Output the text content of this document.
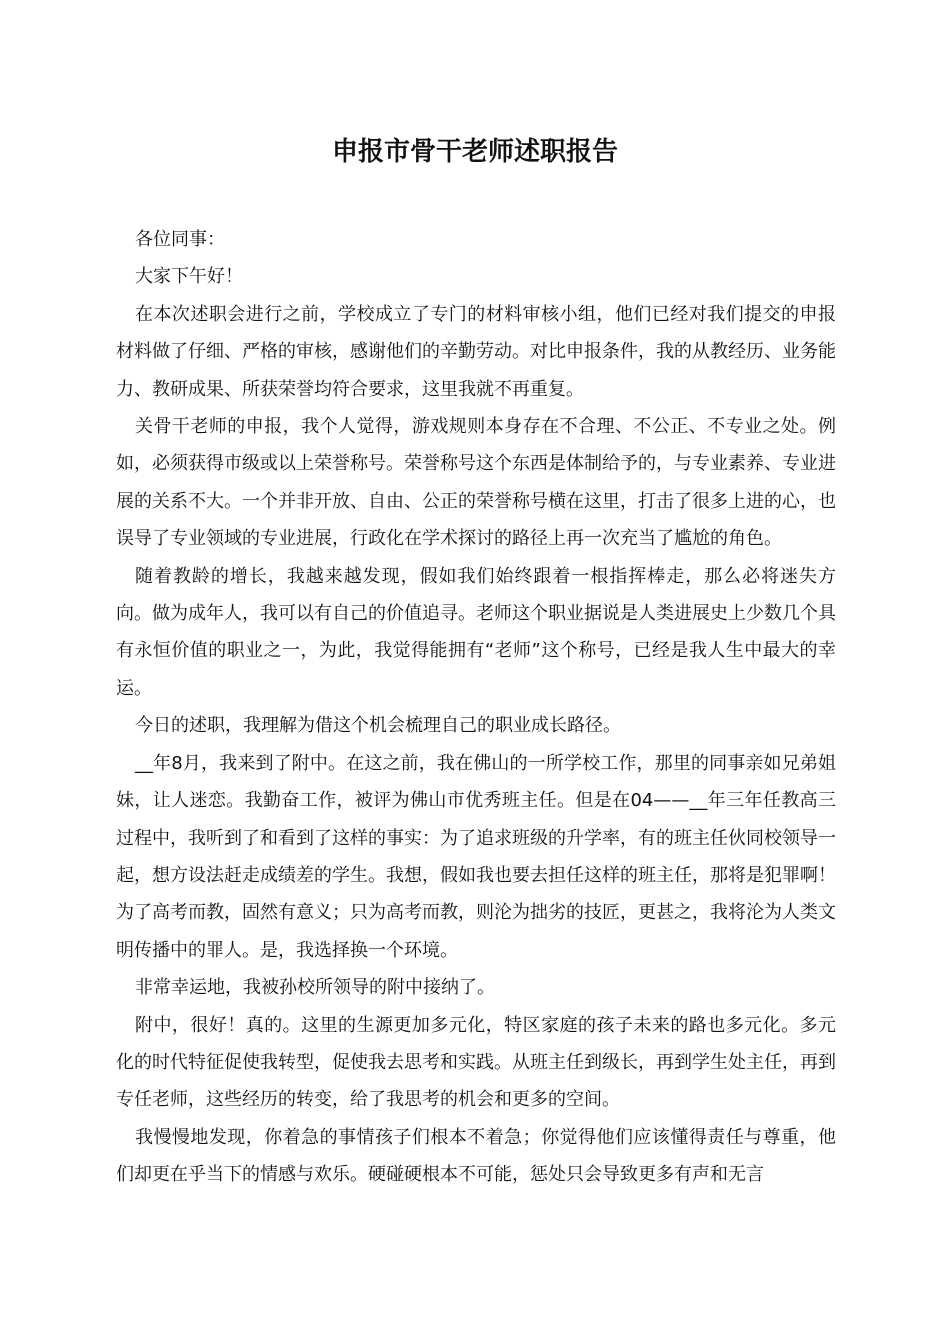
申报市骨干老师述职报告

各位同事：

大家下午好！

在本次述职会进行之前，学校成立了专门的材料审核小组，他们已经对我们提交的申报材料做了仔细、严格的审核，感谢他们的辛勤劳动。对比申报条件，我的从教经历、业务能力、教研成果、所获荣誉均符合要求，这里我就不再重复。

关骨干老师的申报，我个人觉得，游戏规则本身存在不合理、不公正、不专业之处。例如，必须获得市级或以上荣誉称号。荣誉称号这个东西是体制给予的，与专业素养、专业进展的关系不大。一个并非开放、自由、公正的荣誉称号横在这里，打击了很多上进的心，也误导了专业领域的专业进展，行政化在学术探讨的路径上再一次充当了尴尬的角色。

随着教龄的增长，我越来越发现，假如我们始终跟着一根指挥棒走，那么必将迷失方向。做为成年人，我可以有自己的价值追寻。老师这个职业据说是人类进展史上少数几个具有永恒价值的职业之一，为此，我觉得能拥有“老师”这个称号，已经是我人生中最大的幸运。

今日的述职，我理解为借这个机会梳理自己的职业成长路径。

__年8月，我来到了附中。在这之前，我在佛山的一所学校工作，那里的同事亲如兄弟姐妹，让人迷恋。我勤奋工作，被评为佛山市优秀班主任。但是在04——__年三年任教高三过程中，我听到了和看到了这样的事实：为了追求班级的升学率，有的班主任伙同校领导一起，想方设法赶走成绩差的学生。我想，假如我也要去担任这样的班主任，那将是犯罪啊！为了高考而教，固然有意义；只为高考而教，则沦为拙劣的技匠，更甚之，我将沦为人类文明传播中的罪人。是，我选择换一个环境。

非常幸运地，我被孙校所领导的附中接纳了。

附中，很好！真的。这里的生源更加多元化，特区家庭的孩子未来的路也多元化。多元化的时代特征促使我转型，促使我去思考和实践。从班主任到级长，再到学生处主任，再到专任老师，这些经历的转变，给了我思考的机会和更多的空间。

我慢慢地发现，你着急的事情孩子们根本不着急；你觉得他们应该懂得责任与尊重，他们却更在乎当下的情感与欢乐。硬碰硬根本不可能，惩处只会导致更多有声和无言
